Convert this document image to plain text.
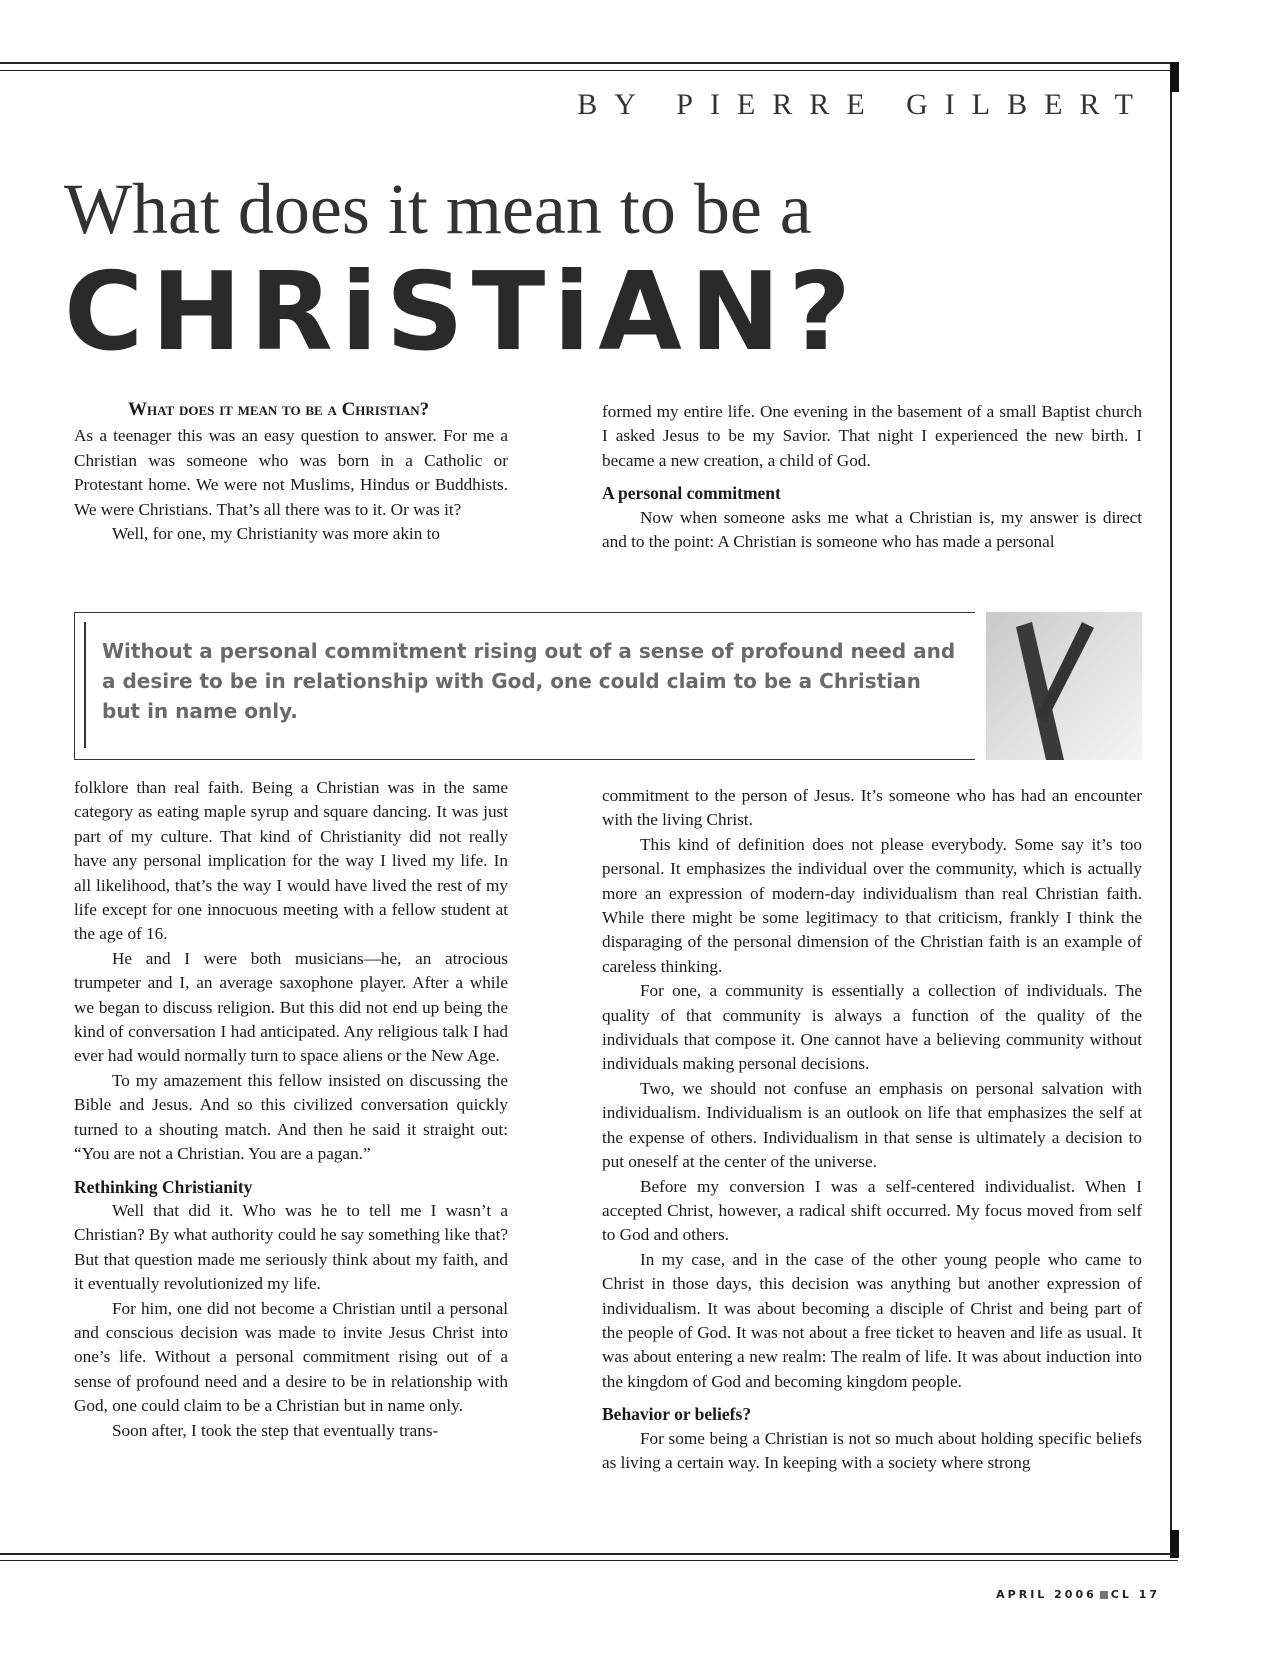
BY PIERRE GILBERT
What does it mean to be a
CHRiSTiAN?
What does it mean to be a Christian?

As a teenager this was an easy question to answer. For me a Christian was someone who was born in a Catholic or Protestant home. We were not Muslims, Hindus or Buddhists. We were Christians. That’s all there was to it. Or was it?

Well, for one, my Christianity was more akin to

formed my entire life. One evening in the basement of a small Baptist church I asked Jesus to be my Savior. That night I experienced the new birth. I became a new creation, a child of God.

A personal commitment

Now when someone asks me what a Christian is, my answer is direct and to the point: A Christian is someone who has made a personal

Without a personal commitment rising out of a sense of profound need and a desire to be in relationship with God, one could claim to be a Christian but in name only.

folklore than real faith. Being a Christian was in the same category as eating maple syrup and square dancing. It was just part of my culture. That kind of Christianity did not really have any personal implication for the way I lived my life. In all likelihood, that’s the way I would have lived the rest of my life except for one innocuous meeting with a fellow student at the age of 16.

He and I were both musicians—he, an atrocious trumpeter and I, an average saxophone player. After a while we began to discuss religion. But this did not end up being the kind of conversation I had anticipated. Any religious talk I had ever had would normally turn to space aliens or the New Age.

To my amazement this fellow insisted on discussing the Bible and Jesus. And so this civilized conversation quickly turned to a shouting match. And then he said it straight out: “You are not a Christian. You are a pagan.”

Rethinking Christianity

Well that did it. Who was he to tell me I wasn’t a Christian? By what authority could he say something like that? But that question made me seriously think about my faith, and it eventually revolutionized my life.

For him, one did not become a Christian until a personal and conscious decision was made to invite Jesus Christ into one’s life. Without a personal commitment rising out of a sense of profound need and a desire to be in relationship with God, one could claim to be a Christian but in name only.

Soon after, I took the step that eventually trans-

commitment to the person of Jesus. It’s someone who has had an encounter with the living Christ.

This kind of definition does not please everybody. Some say it’s too personal. It emphasizes the individual over the community, which is actually more an expression of modern-day individualism than real Christian faith. While there might be some legitimacy to that criticism, frankly I think the disparaging of the personal dimension of the Christian faith is an example of careless thinking.

For one, a community is essentially a collection of individuals. The quality of that community is always a function of the quality of the individuals that compose it. One cannot have a believing community without individuals making personal decisions.

Two, we should not confuse an emphasis on personal salvation with individualism. Individualism is an outlook on life that emphasizes the self at the expense of others. Individualism in that sense is ultimately a decision to put oneself at the center of the universe.

Before my conversion I was a self-centered individualist. When I accepted Christ, however, a radical shift occurred. My focus moved from self to God and others.

In my case, and in the case of the other young people who came to Christ in those days, this decision was anything but another expression of individualism. It was about becoming a disciple of Christ and being part of the people of God. It was not about a free ticket to heaven and life as usual. It was about entering a new realm: The realm of life. It was about induction into the kingdom of God and becoming kingdom people.

Behavior or beliefs?

For some being a Christian is not so much about holding specific beliefs as living a certain way. In keeping with a society where strong

APRIL 2006 CL 17
